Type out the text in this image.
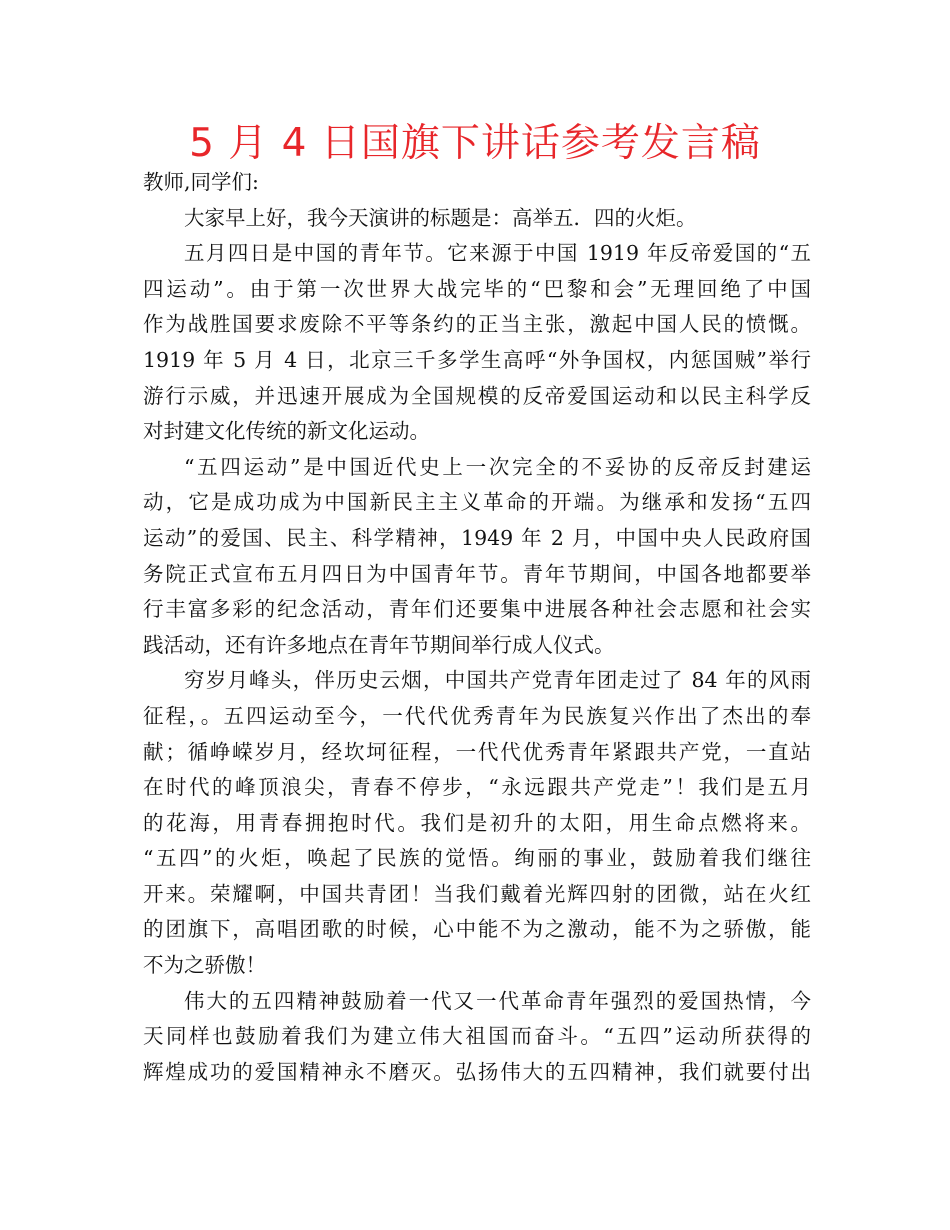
5 月 4 日国旗下讲话参考发言稿
教师,同学们:
大家早上好，我今天演讲的标题是：高举五．四的火炬。
五月四日是中国的青年节。它来源于中国 1919 年反帝爱国的“五
四运动”。由于第一次世界大战完毕的“巴黎和会”无理回绝了中国
作为战胜国要求废除不平等条约的正当主张，激起中国人民的愤慨。
1919 年 5 月 4 日，北京三千多学生高呼“外争国权，内惩国贼”举行
游行示威，并迅速开展成为全国规模的反帝爱国运动和以民主科学反
对封建文化传统的新文化运动。
“五四运动”是中国近代史上一次完全的不妥协的反帝反封建运
动，它是成功成为中国新民主主义革命的开端。为继承和发扬“五四
运动”的爱国、民主、科学精神，1949 年 2 月，中国中央人民政府国
务院正式宣布五月四日为中国青年节。青年节期间，中国各地都要举
行丰富多彩的纪念活动，青年们还要集中进展各种社会志愿和社会实
践活动，还有许多地点在青年节期间举行成人仪式。
穷岁月峰头，伴历史云烟，中国共产党青年团走过了 84 年的风雨
征程，。五四运动至今，一代代优秀青年为民族复兴作出了杰出的奉
献；循峥嵘岁月，经坎坷征程，一代代优秀青年紧跟共产党，一直站
在时代的峰顶浪尖，青春不停步，“永远跟共产党走”！我们是五月
的花海，用青春拥抱时代。我们是初升的太阳，用生命点燃将来。
“五四”的火炬，唤起了民族的觉悟。绚丽的事业，鼓励着我们继往
开来。荣耀啊，中国共青团！当我们戴着光辉四射的团微，站在火红
的团旗下，高唱团歌的时候，心中能不为之激动，能不为之骄傲，能
不为之骄傲！
伟大的五四精神鼓励着一代又一代革命青年强烈的爱国热情，今
天同样也鼓励着我们为建立伟大祖国而奋斗。“五四”运动所获得的
辉煌成功的爱国精神永不磨灭。弘扬伟大的五四精神，我们就要付出
